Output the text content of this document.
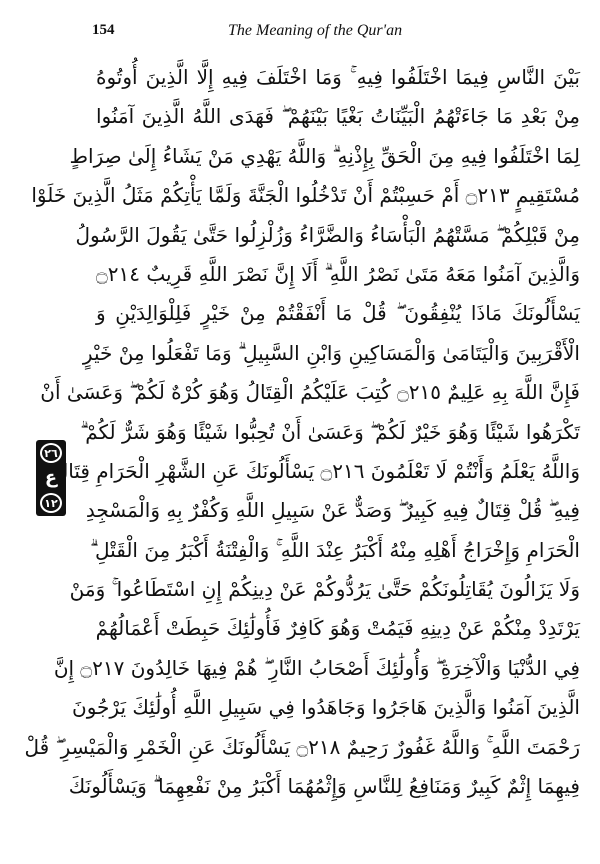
154	The Meaning of the Qur'an
٢٦
ع
١٢
بَيْنَ النَّاسِ فِيمَا اخْتَلَفُوا فِيهِ ۚ وَمَا اخْتَلَفَ فِيهِ إِلَّا الَّذِينَ أُوتُوهُ
مِنْ بَعْدِ مَا جَاءَتْهُمُ الْبَيِّنَاتُ بَغْيًا بَيْنَهُمْ ۖ فَهَدَى اللَّهُ الَّذِينَ آمَنُوا
لِمَا اخْتَلَفُوا فِيهِ مِنَ الْحَقِّ بِإِذْنِهِ ۗ وَاللَّهُ يَهْدِي مَنْ يَشَاءُ إِلَىٰ صِرَاطٍ
مُسْتَقِيمٍ ۝٢١٣ أَمْ حَسِبْتُمْ أَنْ تَدْخُلُوا الْجَنَّةَ وَلَمَّا يَأْتِكُمْ مَثَلُ الَّذِينَ خَلَوْا
مِنْ قَبْلِكُمْ ۖ مَسَّتْهُمُ الْبَأْسَاءُ وَالضَّرَّاءُ وَزُلْزِلُوا حَتَّىٰ يَقُولَ الرَّسُولُ
وَالَّذِينَ آمَنُوا مَعَهُ مَتَىٰ نَصْرُ اللَّهِ ۗ أَلَا إِنَّ نَصْرَ اللَّهِ قَرِيبٌ ۝٢١٤
يَسْأَلُونَكَ مَاذَا يُنْفِقُونَ ۖ قُلْ مَا أَنْفَقْتُمْ مِنْ خَيْرٍ فَلِلْوَالِدَيْنِ وَ
الْأَقْرَبِينَ وَالْيَتَامَىٰ وَالْمَسَاكِينِ وَابْنِ السَّبِيلِ ۗ وَمَا تَفْعَلُوا مِنْ خَيْرٍ
فَإِنَّ اللَّهَ بِهِ عَلِيمٌ ۝٢١٥ كُتِبَ عَلَيْكُمُ الْقِتَالُ وَهُوَ كُرْهٌ لَكُمْ ۖ وَعَسَىٰ أَنْ
تَكْرَهُوا شَيْئًا وَهُوَ خَيْرٌ لَكُمْ ۖ وَعَسَىٰ أَنْ تُحِبُّوا شَيْئًا وَهُوَ شَرٌّ لَكُمْ ۗ
وَاللَّهُ يَعْلَمُ وَأَنْتُمْ لَا تَعْلَمُونَ ۝٢١٦ يَسْأَلُونَكَ عَنِ الشَّهْرِ الْحَرَامِ قِتَالٍ
فِيهِ ۖ قُلْ قِتَالٌ فِيهِ كَبِيرٌ ۖ وَصَدٌّ عَنْ سَبِيلِ اللَّهِ وَكُفْرٌ بِهِ وَالْمَسْجِدِ
الْحَرَامِ وَإِخْرَاجُ أَهْلِهِ مِنْهُ أَكْبَرُ عِنْدَ اللَّهِ ۚ وَالْفِتْنَةُ أَكْبَرُ مِنَ الْقَتْلِ ۗ
وَلَا يَزَالُونَ يُقَاتِلُونَكُمْ حَتَّىٰ يَرُدُّوكُمْ عَنْ دِينِكُمْ إِنِ اسْتَطَاعُوا ۚ وَمَنْ
يَرْتَدِدْ مِنْكُمْ عَنْ دِينِهِ فَيَمُتْ وَهُوَ كَافِرٌ فَأُولَٰئِكَ حَبِطَتْ أَعْمَالُهُمْ
فِي الدُّنْيَا وَالْآخِرَةِ ۖ وَأُولَٰئِكَ أَصْحَابُ النَّارِ ۖ هُمْ فِيهَا خَالِدُونَ ۝٢١٧ إِنَّ
الَّذِينَ آمَنُوا وَالَّذِينَ هَاجَرُوا وَجَاهَدُوا فِي سَبِيلِ اللَّهِ أُولَٰئِكَ يَرْجُونَ
رَحْمَتَ اللَّهِ ۚ وَاللَّهُ غَفُورٌ رَحِيمٌ ۝٢١٨ يَسْأَلُونَكَ عَنِ الْخَمْرِ وَالْمَيْسِرِ ۖ قُلْ
فِيهِمَا إِثْمٌ كَبِيرٌ وَمَنَافِعُ لِلنَّاسِ وَإِثْمُهُمَا أَكْبَرُ مِنْ نَفْعِهِمَا ۗ وَيَسْأَلُونَكَ
